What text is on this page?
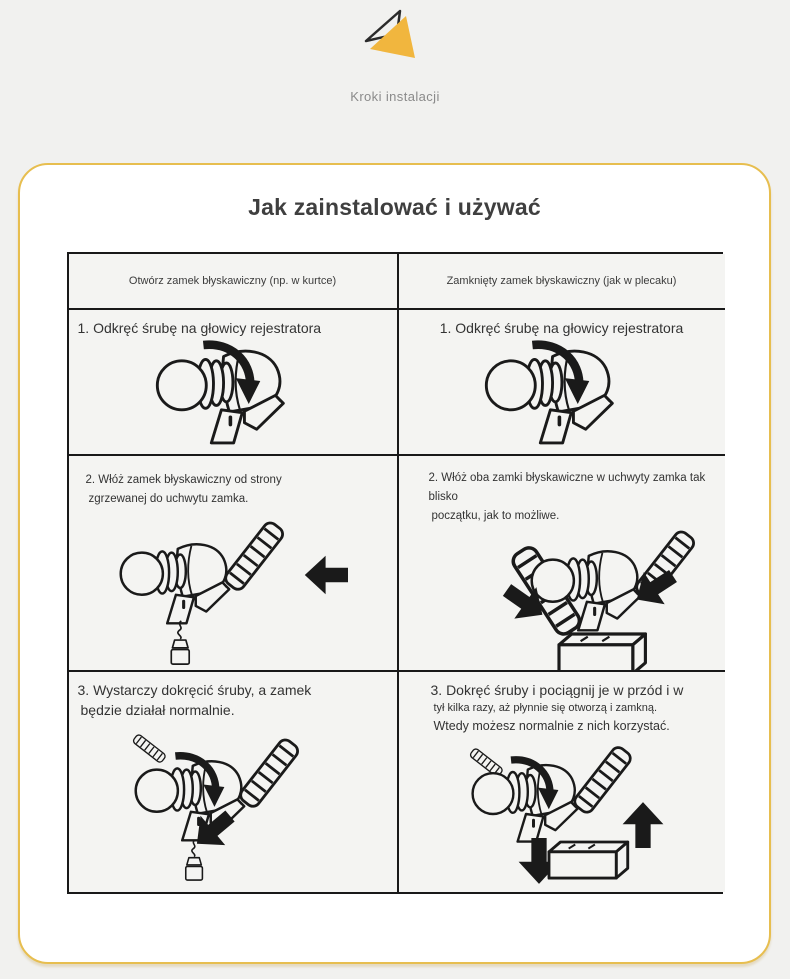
Kroki instalacji
Jak zainstalować i używać
Otwórz zamek błyskawiczny (np. w kurtce)	Zamknięty zamek błyskawiczny (jak w plecaku)
1. Odkręć śrubę na głowicy rejestratora	1. Odkręć śrubę na głowicy rejestratora
2. Włóż zamek błyskawiczny od strony
zgrzewanej do uchwytu zamka.
2. Włóż oba zamki błyskawiczne w uchwyty zamka tak blisko
początku, jak to możliwe.
3. Wystarczy dokręcić śruby, a zamek
będzie działał normalnie.
3. Dokręć śruby i pociągnij je w przód i w
tył kilka razy, aż płynnie się otworzą i zamkną.
Wtedy możesz normalnie z nich korzystać.
